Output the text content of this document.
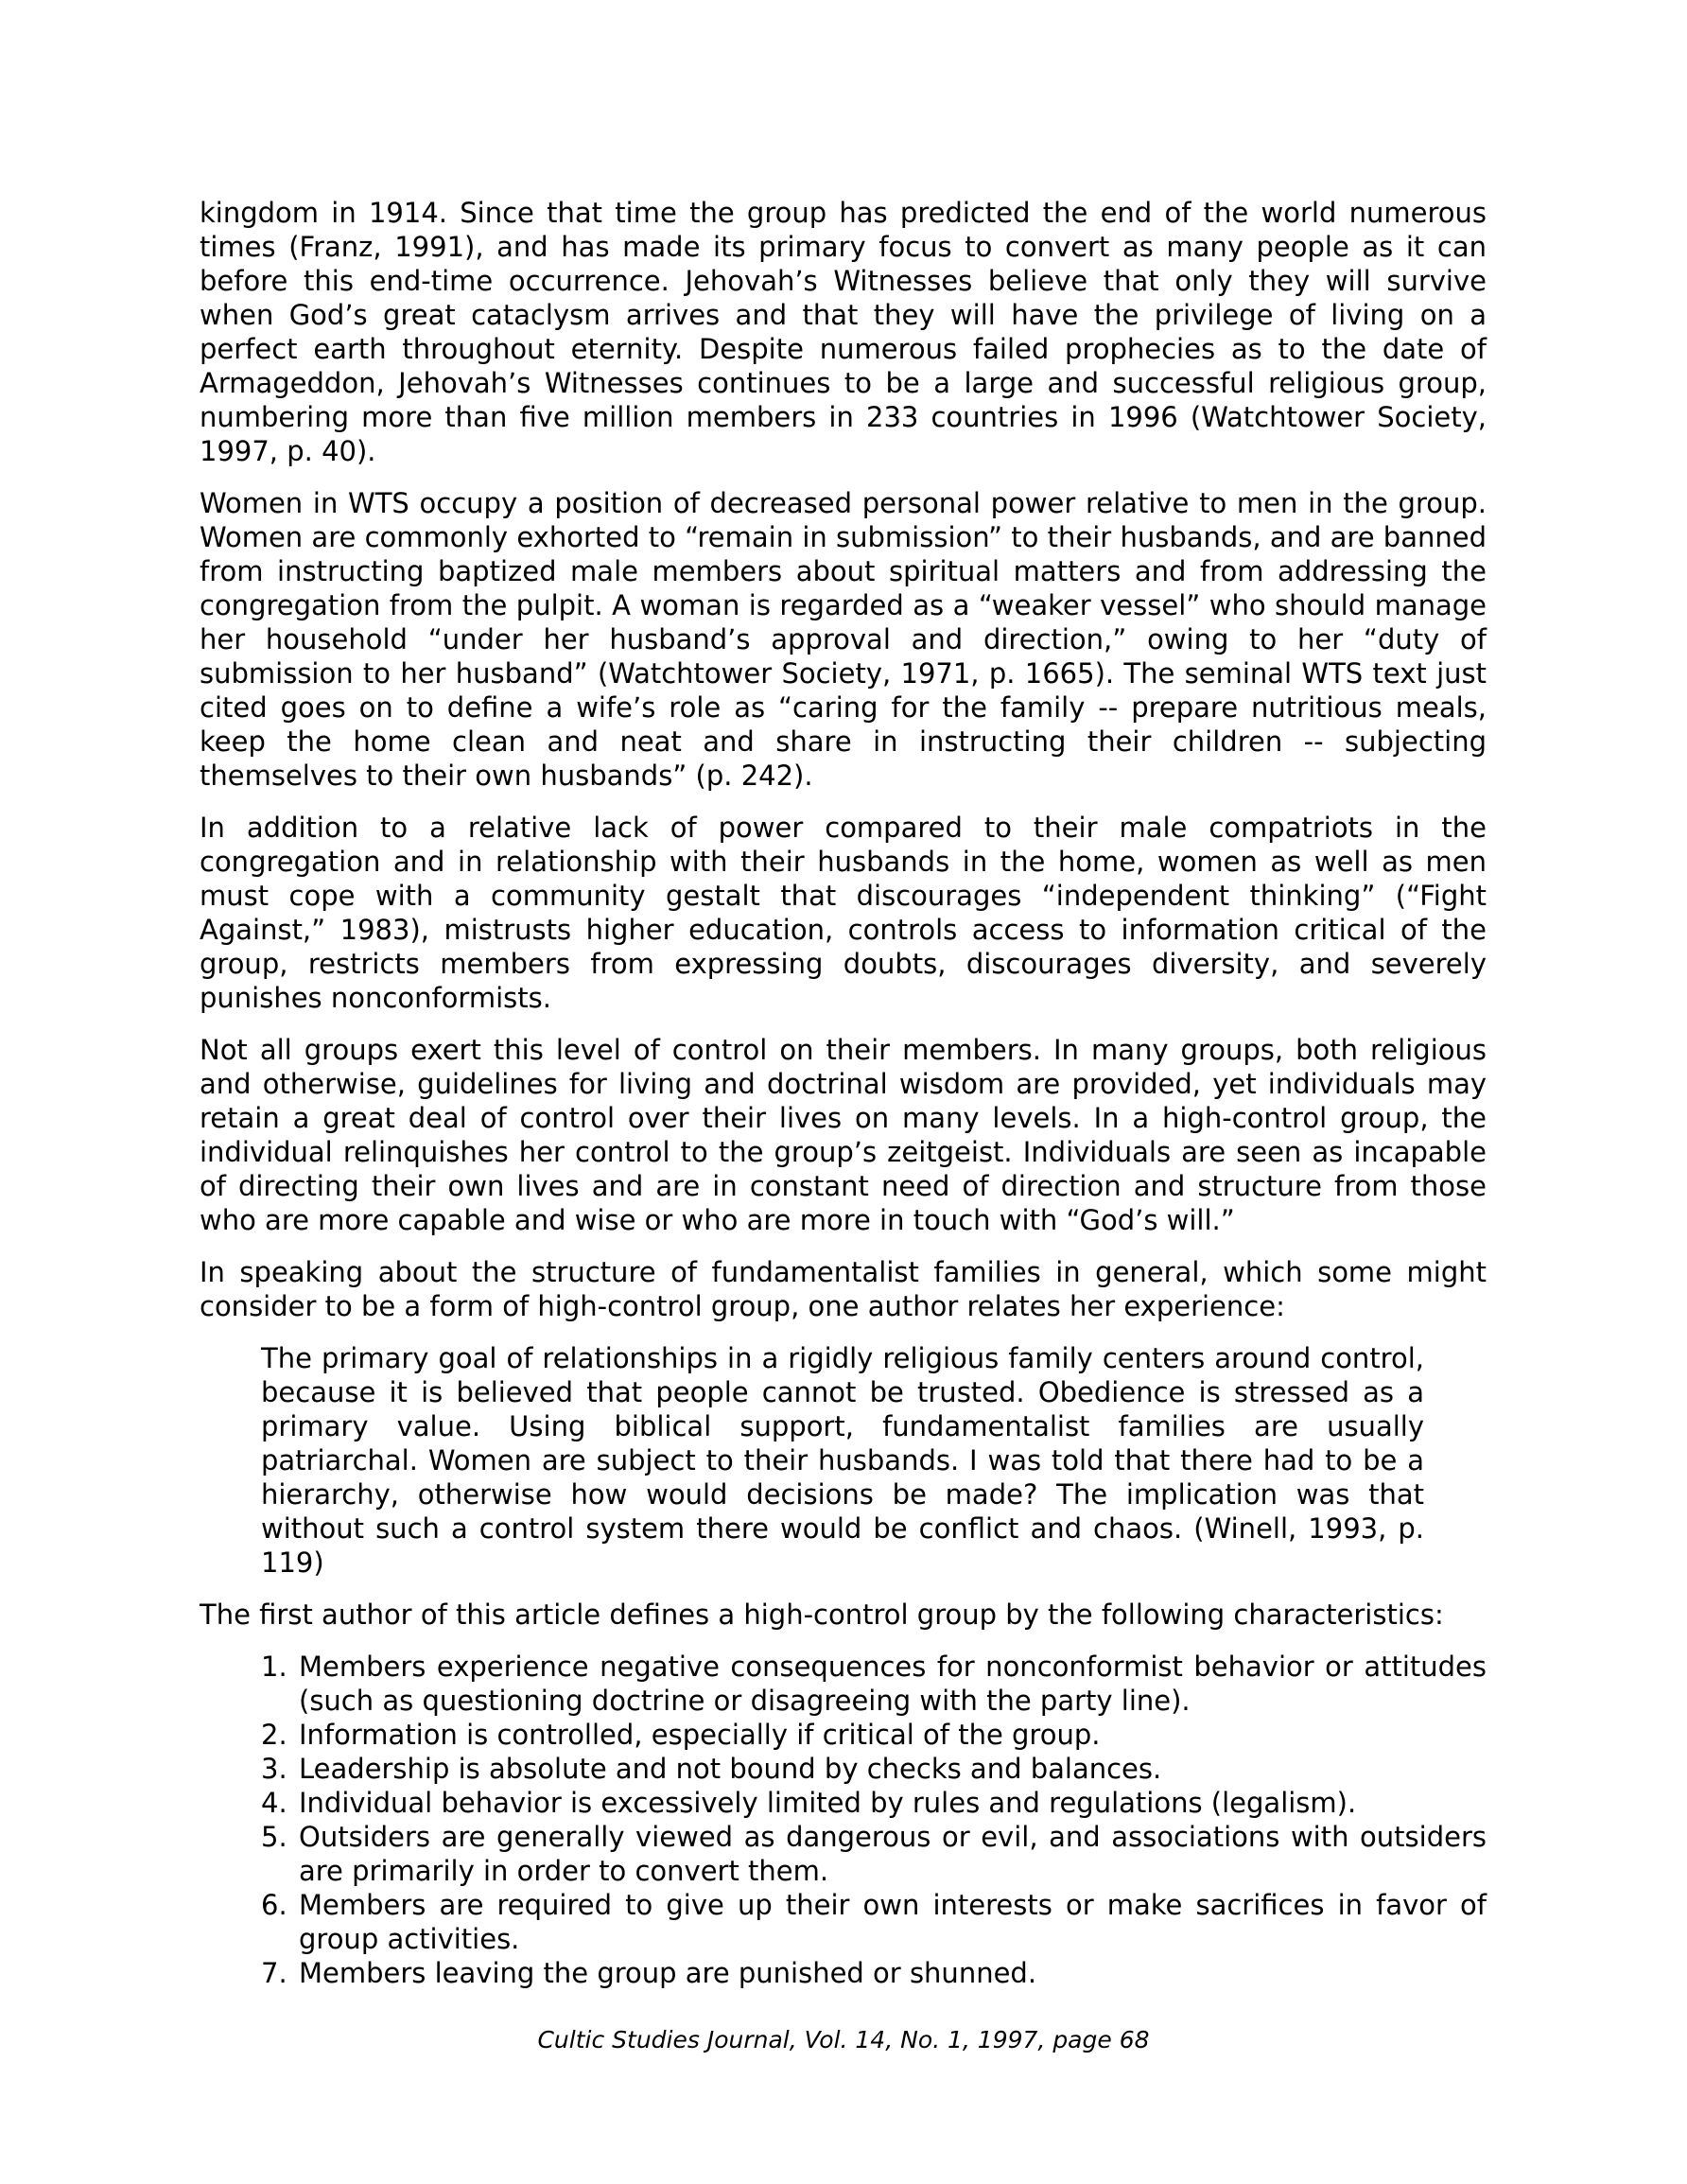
kingdom in 1914. Since that time the group has predicted the end of the world numerous times (Franz, 1991), and has made its primary focus to convert as many people as it can before this end-time occurrence. Jehovah’s Witnesses believe that only they will survive when God’s great cataclysm arrives and that they will have the privilege of living on a perfect earth throughout eternity. Despite numerous failed prophecies as to the date of Armageddon, Jehovah’s Witnesses continues to be a large and successful religious group, numbering more than five million members in 233 countries in 1996 (Watchtower Society, 1997, p. 40).

Women in WTS occupy a position of decreased personal power relative to men in the group. Women are commonly exhorted to “remain in submission” to their husbands, and are banned from instructing baptized male members about spiritual matters and from addressing the congregation from the pulpit. A woman is regarded as a “weaker vessel” who should manage her household “under her husband’s approval and direction,” owing to her “duty of submission to her husband” (Watchtower Society, 1971, p. 1665). The seminal WTS text just cited goes on to define a wife’s role as “caring for the family -- prepare nutritious meals, keep the home clean and neat and share in instructing their children -- subjecting themselves to their own husbands” (p. 242).

In addition to a relative lack of power compared to their male compatriots in the congregation and in relationship with their husbands in the home, women as well as men must cope with a community gestalt that discourages “independent thinking” (“Fight Against,” 1983), mistrusts higher education, controls access to information critical of the group, restricts members from expressing doubts, discourages diversity, and severely punishes nonconformists.

Not all groups exert this level of control on their members. In many groups, both religious and otherwise, guidelines for living and doctrinal wisdom are provided, yet individuals may retain a great deal of control over their lives on many levels. In a high-control group, the individual relinquishes her control to the group’s zeitgeist. Individuals are seen as incapable of directing their own lives and are in constant need of direction and structure from those who are more capable and wise or who are more in touch with “God’s will.”

In speaking about the structure of fundamentalist families in general, which some might consider to be a form of high-control group, one author relates her experience:

The primary goal of relationships in a rigidly religious family centers around control, because it is believed that people cannot be trusted. Obedience is stressed as a primary value. Using biblical support, fundamentalist families are usually patriarchal. Women are subject to their husbands. I was told that there had to be a hierarchy, otherwise how would decisions be made? The implication was that without such a control system there would be conflict and chaos. (Winell, 1993, p. 119)

The first author of this article defines a high-control group by the following characteristics:

1. Members experience negative consequences for nonconformist behavior or attitudes (such as questioning doctrine or disagreeing with the party line).
2. Information is controlled, especially if critical of the group.
3. Leadership is absolute and not bound by checks and balances.
4. Individual behavior is excessively limited by rules and regulations (legalism).
5. Outsiders are generally viewed as dangerous or evil, and associations with outsiders are primarily in order to convert them.
6. Members are required to give up their own interests or make sacrifices in favor of group activities.
7. Members leaving the group are punished or shunned.
Cultic Studies Journal, Vol. 14, No. 1, 1997, page 68
